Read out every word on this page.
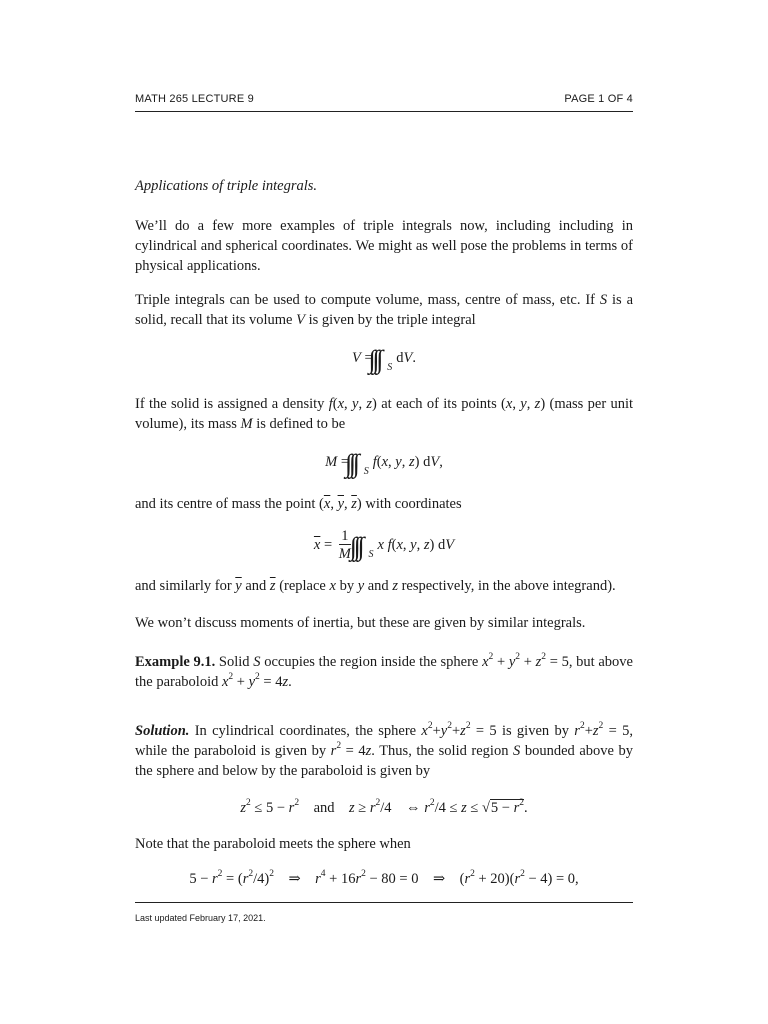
MATH 265 LECTURE 9	PAGE 1 OF 4

Applications of triple integrals.

We’ll do a few more examples of triple integrals now, including including in cylindrical and spherical coordinates. We might as well pose the problems in terms of physical applications.

Triple integrals can be used to compute volume, mass, centre of mass, etc. If S is a solid, recall that its volume V is given by the triple integral

V = $_S$dV.

If the solid is assigned a density f(x, y, z) at each of its points (x, y, z) (mass per unit volume), its mass M is defined to be

M = $_S$f(x, y, z) dV,

and its centre of mass the point ($\overline{x}$, $\overline{y}$, $\overline{z}$) with coordinates

$\overline{x} = \frac{1}{M} _Sx$ f(x, y, z) dV

and similarly for $\overline{y}$ and $\overline{z}$ (replace x by y and z respectively, in the above integrand).

We won’t discuss moments of inertia, but these are given by similar integrals.

Example 9.1. Solid S occupies the region inside the sphere $x^2 + y^2 + z^2 = 5$, but above the paraboloid $x^2 + y^2 = 4z$.

Solution. In cylindrical coordinates, the sphere $x^2+y^2+z^2 = 5$ is given by $r^2+z^2 = 5$, while the paraboloid is given by $r^2 = 4z$. Thus, the solid region S bounded above by the sphere and below by the paraboloid is given by

$z^2 \le 5 - r^2$ and $z \ge r^2/4$    ⇔ $r^2/4 \le z \le √5 - r^2$.

Note that the paraboloid meets the sphere when

$5 - r^2 = (r^2/4)^2$    ⇒    $r^4 + 16r^2 - 80 = 0$    ⇒    $(r^2 + 20)(r^2 - 4) = 0$,
Last updated February 17, 2021.
